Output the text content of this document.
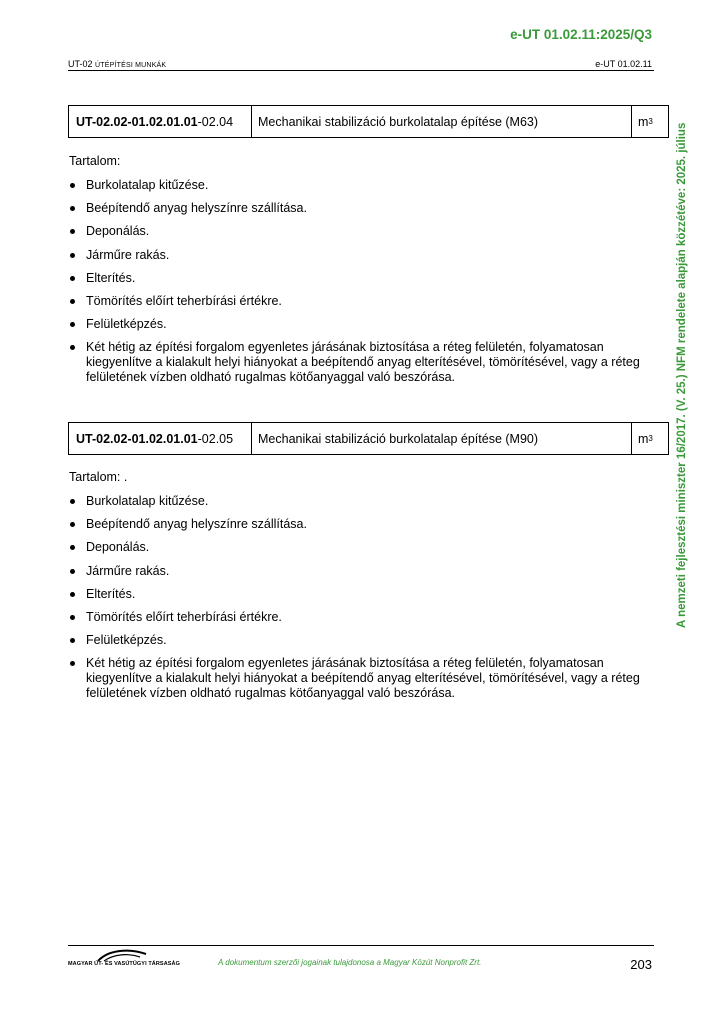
e-UT 01.02.11:2025/Q3
UT-02 ÚTÉPÍTÉSI MUNKÁK	e-UT 01.02.11
A nemzeti fejlesztési miniszter 16/2017. (V. 25.) NFM rendelete alapján közzétéve: 2025. július
UT-02.02-01.02.01.01 -02.04	Mechanikai stabilizáció burkolatalap építése (M63)	m 3
Tartalom:
Burkolatalap kitűzése.
Beépítendő anyag helyszínre szállítása.
Deponálás.
Járműre rakás.
Elterítés.
Tömörítés előírt teherbírási értékre.
Felületképzés.
Két hétig az építési forgalom egyenletes járásának biztosítása a réteg felületén, folyamatosan kiegyenlítve a kialakult helyi hiányokat a beépítendő anyag elterítésével, tömörítésével, vagy a réteg felületének vízben oldható rugalmas kötőanyaggal való beszórása.
UT-02.02-01.02.01.01 -02.05	Mechanikai stabilizáció burkolatalap építése (M90)	m 3
Tartalom: .
Burkolatalap kitűzése.
Beépítendő anyag helyszínre szállítása.
Deponálás.
Járműre rakás.
Elterítés.
Tömörítés előírt teherbírási értékre.
Felületképzés.
Két hétig az építési forgalom egyenletes járásának biztosítása a réteg felületén, folyamatosan kiegyenlítve a kialakult helyi hiányokat a beépítendő anyag elterítésével, tömörítésével, vagy a réteg felületének vízben oldható rugalmas kötőanyaggal való beszórása.
MAGYAR ÚT- ÉS VASÚTÜGYI TÁRSASÁG	A dokumentum szerzői jogainak tulajdonosa a Magyar Közút Nonprofit Zrt.	203
